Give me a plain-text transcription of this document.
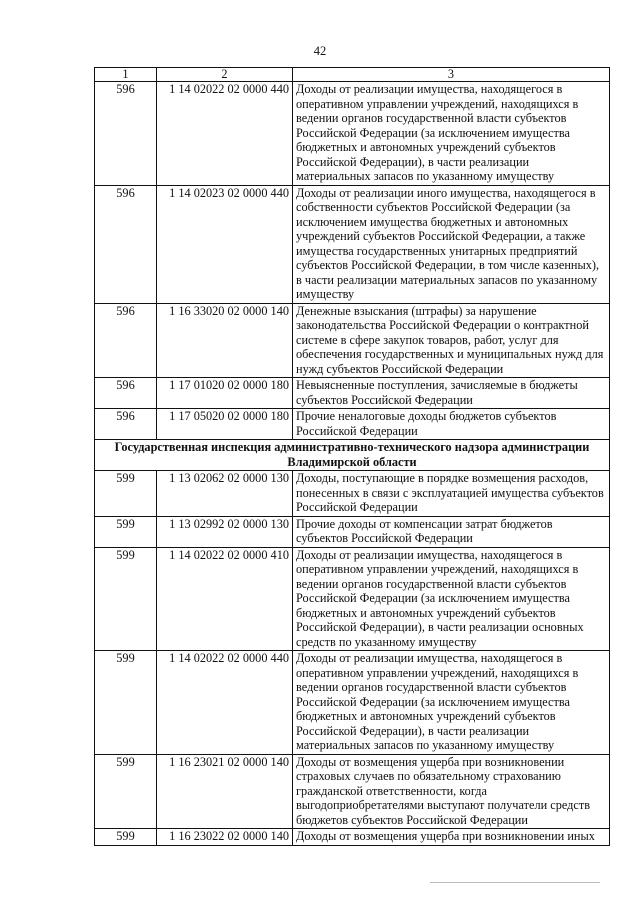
42
1	2	3
596	1 14 02022 02 0000 440	Доходы от реализации имущества, находящегося в оперативном управлении учреждений, находящихся в ведении органов государственной власти субъектов Российской Федерации (за исключением имущества бюджетных и автономных учреждений субъектов Российской Федерации), в части реализации материальных запасов по указанному имуществу
596	1 14 02023 02 0000 440	Доходы от реализации иного имущества, находящегося в собственности субъектов Российской Федерации (за исключением имущества бюджетных и автономных учреждений субъектов Российской Федерации, а также имущества государственных унитарных предприятий субъектов Российской Федерации, в том числе казенных), в части реализации материальных запасов по указанному имуществу
596	1 16 33020 02 0000 140	Денежные взыскания (штрафы) за нарушение законодательства Российской Федерации о контрактной системе в сфере закупок товаров, работ, услуг для обеспечения государственных и муниципальных нужд для нужд субъектов Российской Федерации
596	1 17 01020 02 0000 180	Невыясненные поступления, зачисляемые в бюджеты субъектов Российской Федерации
596	1 17 05020 02 0000 180	Прочие неналоговые доходы бюджетов субъектов Российской Федерации
Государственная инспекция административно-технического надзора администрации Владимирской области		
599	1 13 02062 02 0000 130	Доходы, поступающие в порядке возмещения расходов, понесенных в связи с эксплуатацией имущества субъектов Российской Федерации
599	1 13 02992 02 0000 130	Прочие доходы от компенсации затрат бюджетов субъектов Российской Федерации
599	1 14 02022 02 0000 410	Доходы от реализации имущества, находящегося в оперативном управлении учреждений, находящихся в ведении органов государственной власти субъектов Российской Федерации (за исключением имущества бюджетных и автономных учреждений субъектов Российской Федерации), в части реализации основных средств по указанному имуществу
599	1 14 02022 02 0000 440	Доходы от реализации имущества, находящегося в оперативном управлении учреждений, находящихся в ведении органов государственной власти субъектов Российской Федерации (за исключением имущества бюджетных и автономных учреждений субъектов Российской Федерации), в части реализации материальных запасов по указанному имуществу
599	1 16 23021 02 0000 140	Доходы от возмещения ущерба при возникновении страховых случаев по обязательному страхованию гражданской ответственности, когда выгодоприобретателями выступают получатели средств бюджетов субъектов Российской Федерации
599	1 16 23022 02 0000 140	Доходы от возмещения ущерба при возникновении иных
